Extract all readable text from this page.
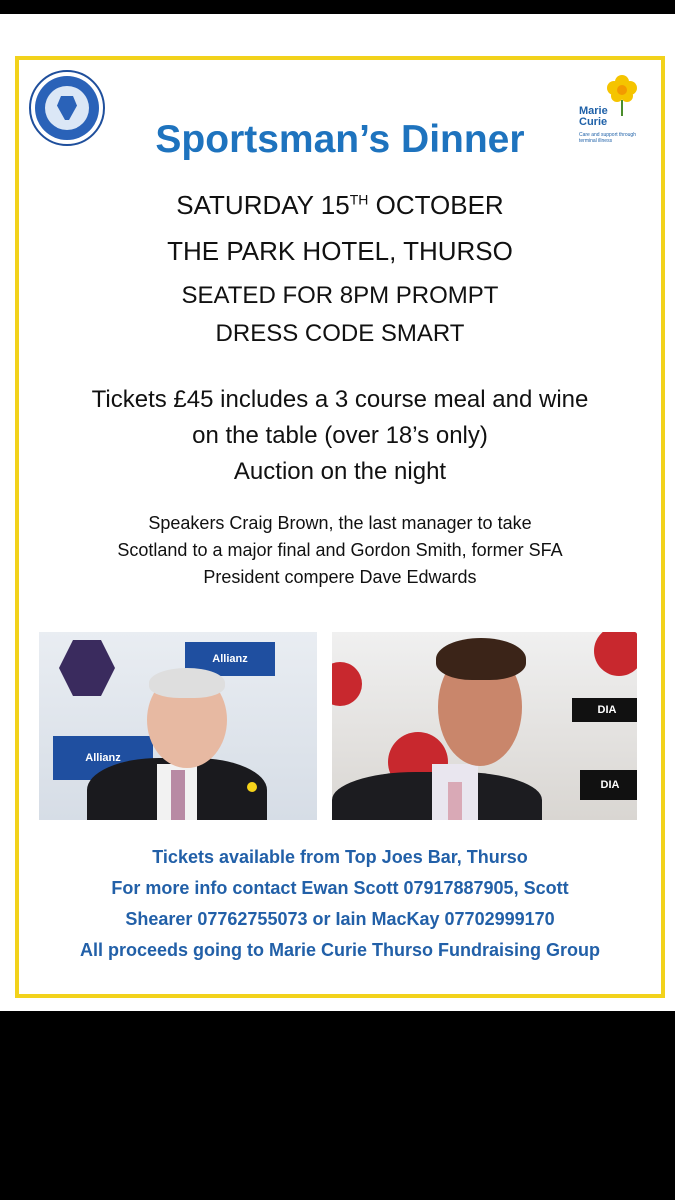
Marie
Curie
Care and support through terminal illness
Sportsman’s Dinner
SATURDAY 15TH OCTOBER
THE PARK HOTEL, THURSO
SEATED FOR 8PM PROMPT
DRESS CODE SMART
Tickets £45 includes a 3 course meal and wine
on the table (over 18’s only)
Auction on the night
Speakers Craig Brown, the last manager to take
Scotland to a major final and Gordon Smith, former SFA
President compere Dave Edwards
Allianz
Allianz
DIA
DIA
Tickets available from Top Joes Bar, Thurso
For more info contact Ewan Scott 07917887905, Scott
Shearer 07762755073 or Iain MacKay 07702999170
All proceeds going to Marie Curie Thurso Fundraising Group
